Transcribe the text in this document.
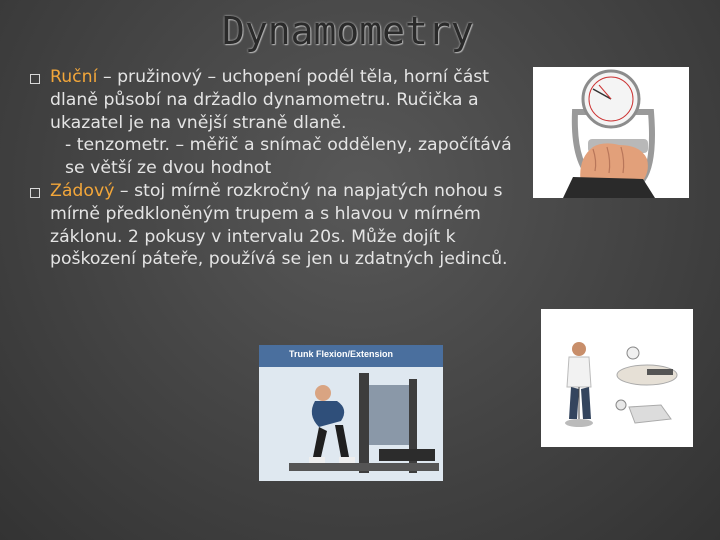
Dynamometry

Ruční – pružinový – uchopení podél těla, horní část dlaně působí na držadlo dynamometru. Ručička a ukazatel je na vnější straně dlaně.

- tenzometr. – měřič a snímač odděleny, započítává se větší ze dvou hodnot

Zádový – stoj mírně rozkročný na napjatých nohou s mírně předkloněným trupem a s hlavou v mírném záklonu. 2 pokusy v intervalu 20s. Může dojít k poškození páteře, používá se jen u zdatných jedinců.

Trunk Flexion/Extension
